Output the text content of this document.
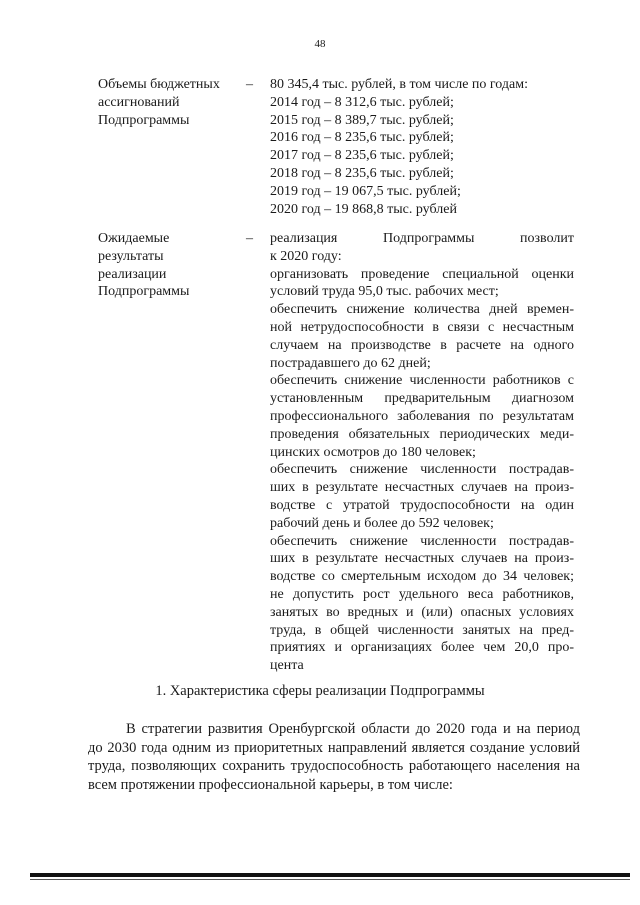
48
Объемы бюджетных
ассигнований
Подпрограммы
– 80 345,4 тыс. рублей, в том числе по годам:
2014 год – 8 312,6 тыс. рублей;
2015 год – 8 389,7 тыс. рублей;
2016 год – 8 235,6 тыс. рублей;
2017 год – 8 235,6 тыс. рублей;
2018 год – 8 235,6 тыс. рублей;
2019 год – 19 067,5 тыс. рублей;
2020 год – 19 868,8 тыс. рублей
Ожидаемые
результаты
реализации
Подпрограммы
– реализация Подпрограммы позволит
к 2020 году:
организовать проведение специальной оценки
условий труда 95,0 тыс. рабочих мест;
обеспечить снижение количества дней времен-
ной нетрудоспособности в связи с несчастным
случаем на производстве в расчете на одного
пострадавшего до 62 дней;
обеспечить снижение численности работников с
установленным предварительным диагнозом
профессионального заболевания по результатам
проведения обязательных периодических меди-
цинских осмотров до 180 человек;
обеспечить снижение численности пострадав-
ших в результате несчастных случаев на произ-
водстве с утратой трудоспособности на один
рабочий день и более до 592 человек;
обеспечить снижение численности пострадав-
ших в результате несчастных случаев на произ-
водстве со смертельным исходом до 34 человек;
не допустить рост удельного веса работников,
занятых во вредных и (или) опасных условиях
труда, в общей численности занятых на пред-
приятиях и организациях более чем 20,0 про-
цента
1. Характеристика сферы реализации Подпрограммы
В стратегии развития Оренбургской области до 2020 года и на период
до 2030 года одним из приоритетных направлений является создание условий
труда, позволяющих сохранить трудоспособность работающего населения на
всем протяжении профессиональной карьеры, в том числе:
